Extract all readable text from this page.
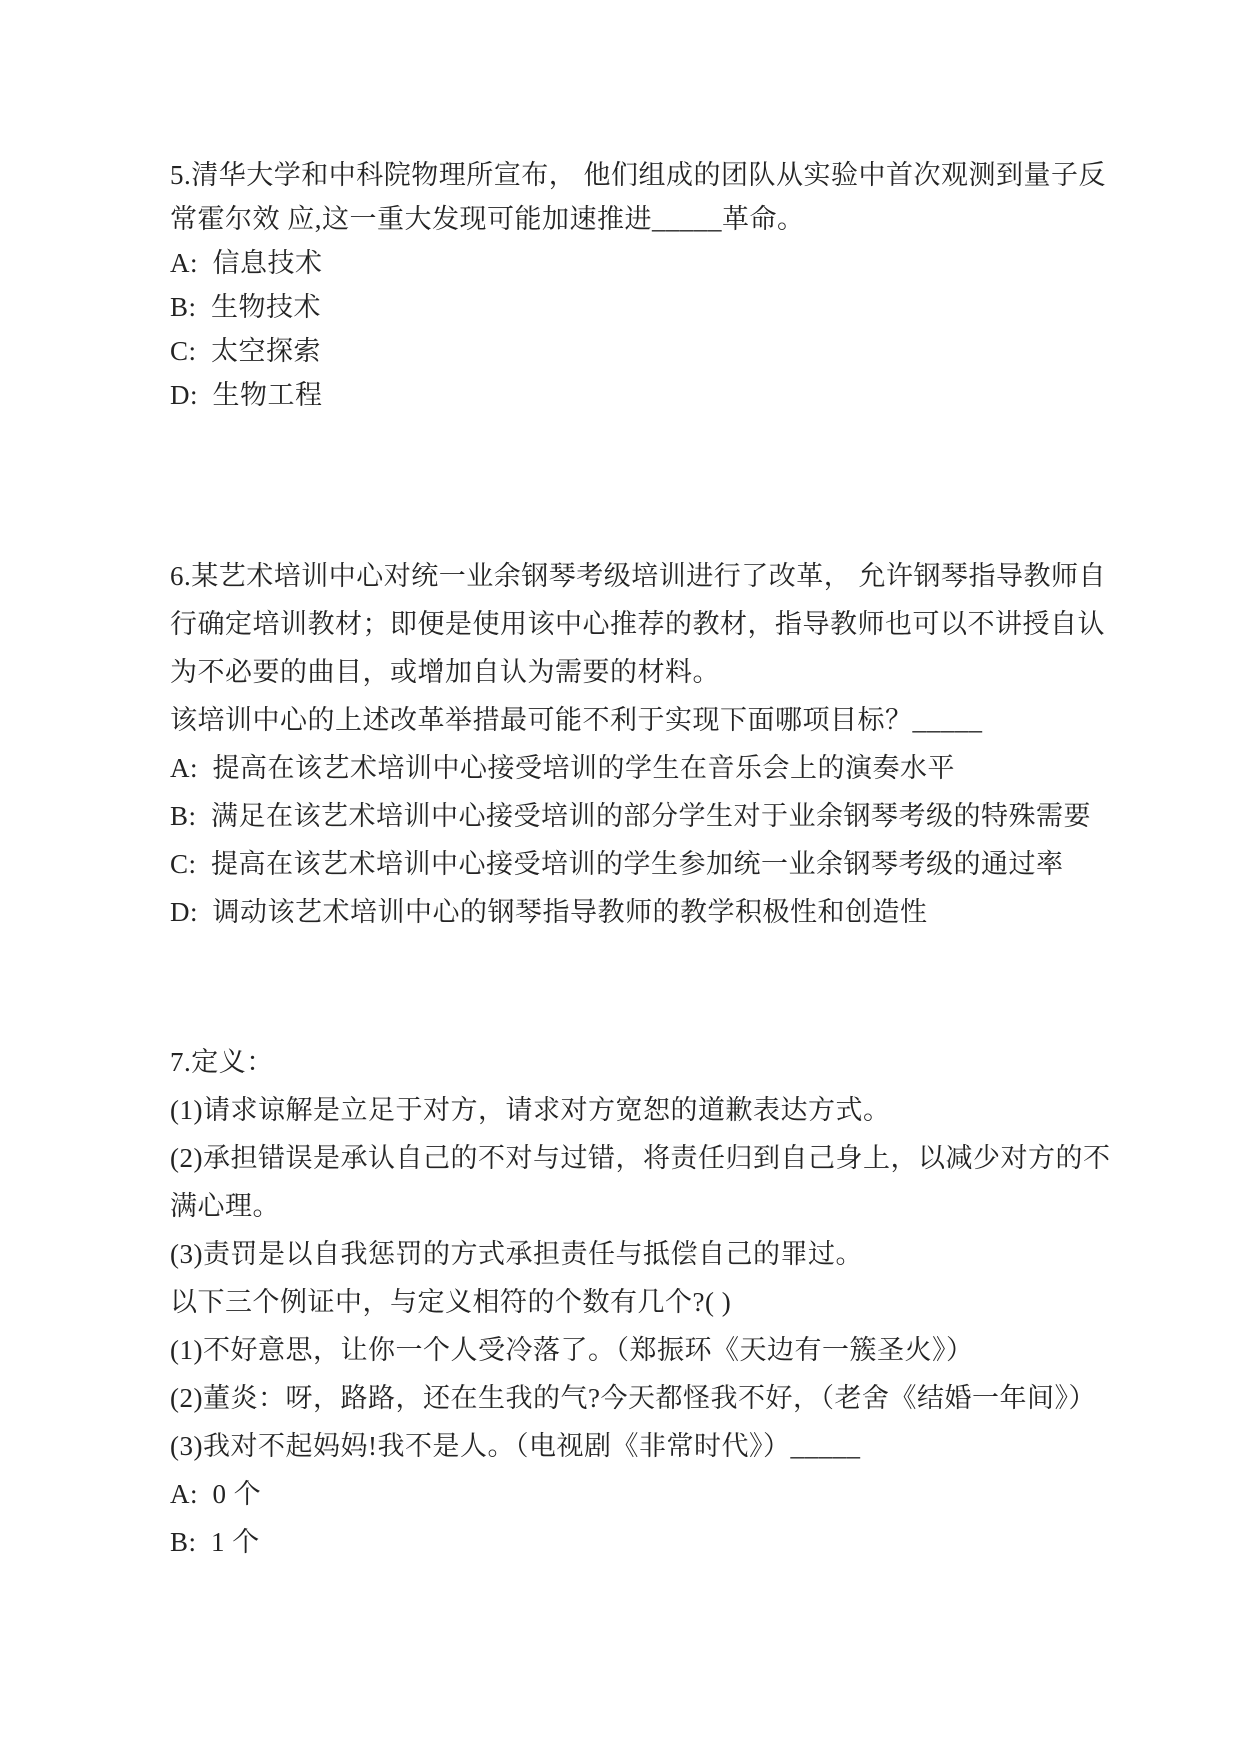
5.清华大学和中科院物理所宣布， 他们组成的团队从实验中首次观测到量子反
常霍尔效 应,这一重大发现可能加速推进_____革命。
A:  信息技术
B:  生物技术
C:  太空探索
D:  生物工程
6.某艺术培训中心对统一业余钢琴考级培训进行了改革， 允许钢琴指导教师自
行确定培训教材；即便是使用该中心推荐的教材，指导教师也可以不讲授自认
为不必要的曲目，或增加自认为需要的材料。
该培训中心的上述改革举措最可能不利于实现下面哪项目标？_____
A:  提高在该艺术培训中心接受培训的学生在音乐会上的演奏水平
B:  满足在该艺术培训中心接受培训的部分学生对于业余钢琴考级的特殊需要
C:  提高在该艺术培训中心接受培训的学生参加统一业余钢琴考级的通过率
D:  调动该艺术培训中心的钢琴指导教师的教学积极性和创造性
7.定义：
(1)请求谅解是立足于对方，请求对方宽恕的道歉表达方式。
(2)承担错误是承认自己的不对与过错，将责任归到自己身上，以减少对方的不
满心理。
(3)责罚是以自我惩罚的方式承担责任与抵偿自己的罪过。
以下三个例证中，与定义相符的个数有几个?( )
(1)不好意思，让你一个人受冷落了。（郑振环《天边有一簇圣火》）
(2)董炎：呀，路路，还在生我的气?今天都怪我不好，（老舍《结婚一年间》）
(3)我对不起妈妈!我不是人。（电视剧《非常时代》）_____
A:  0 个
B:  1 个
